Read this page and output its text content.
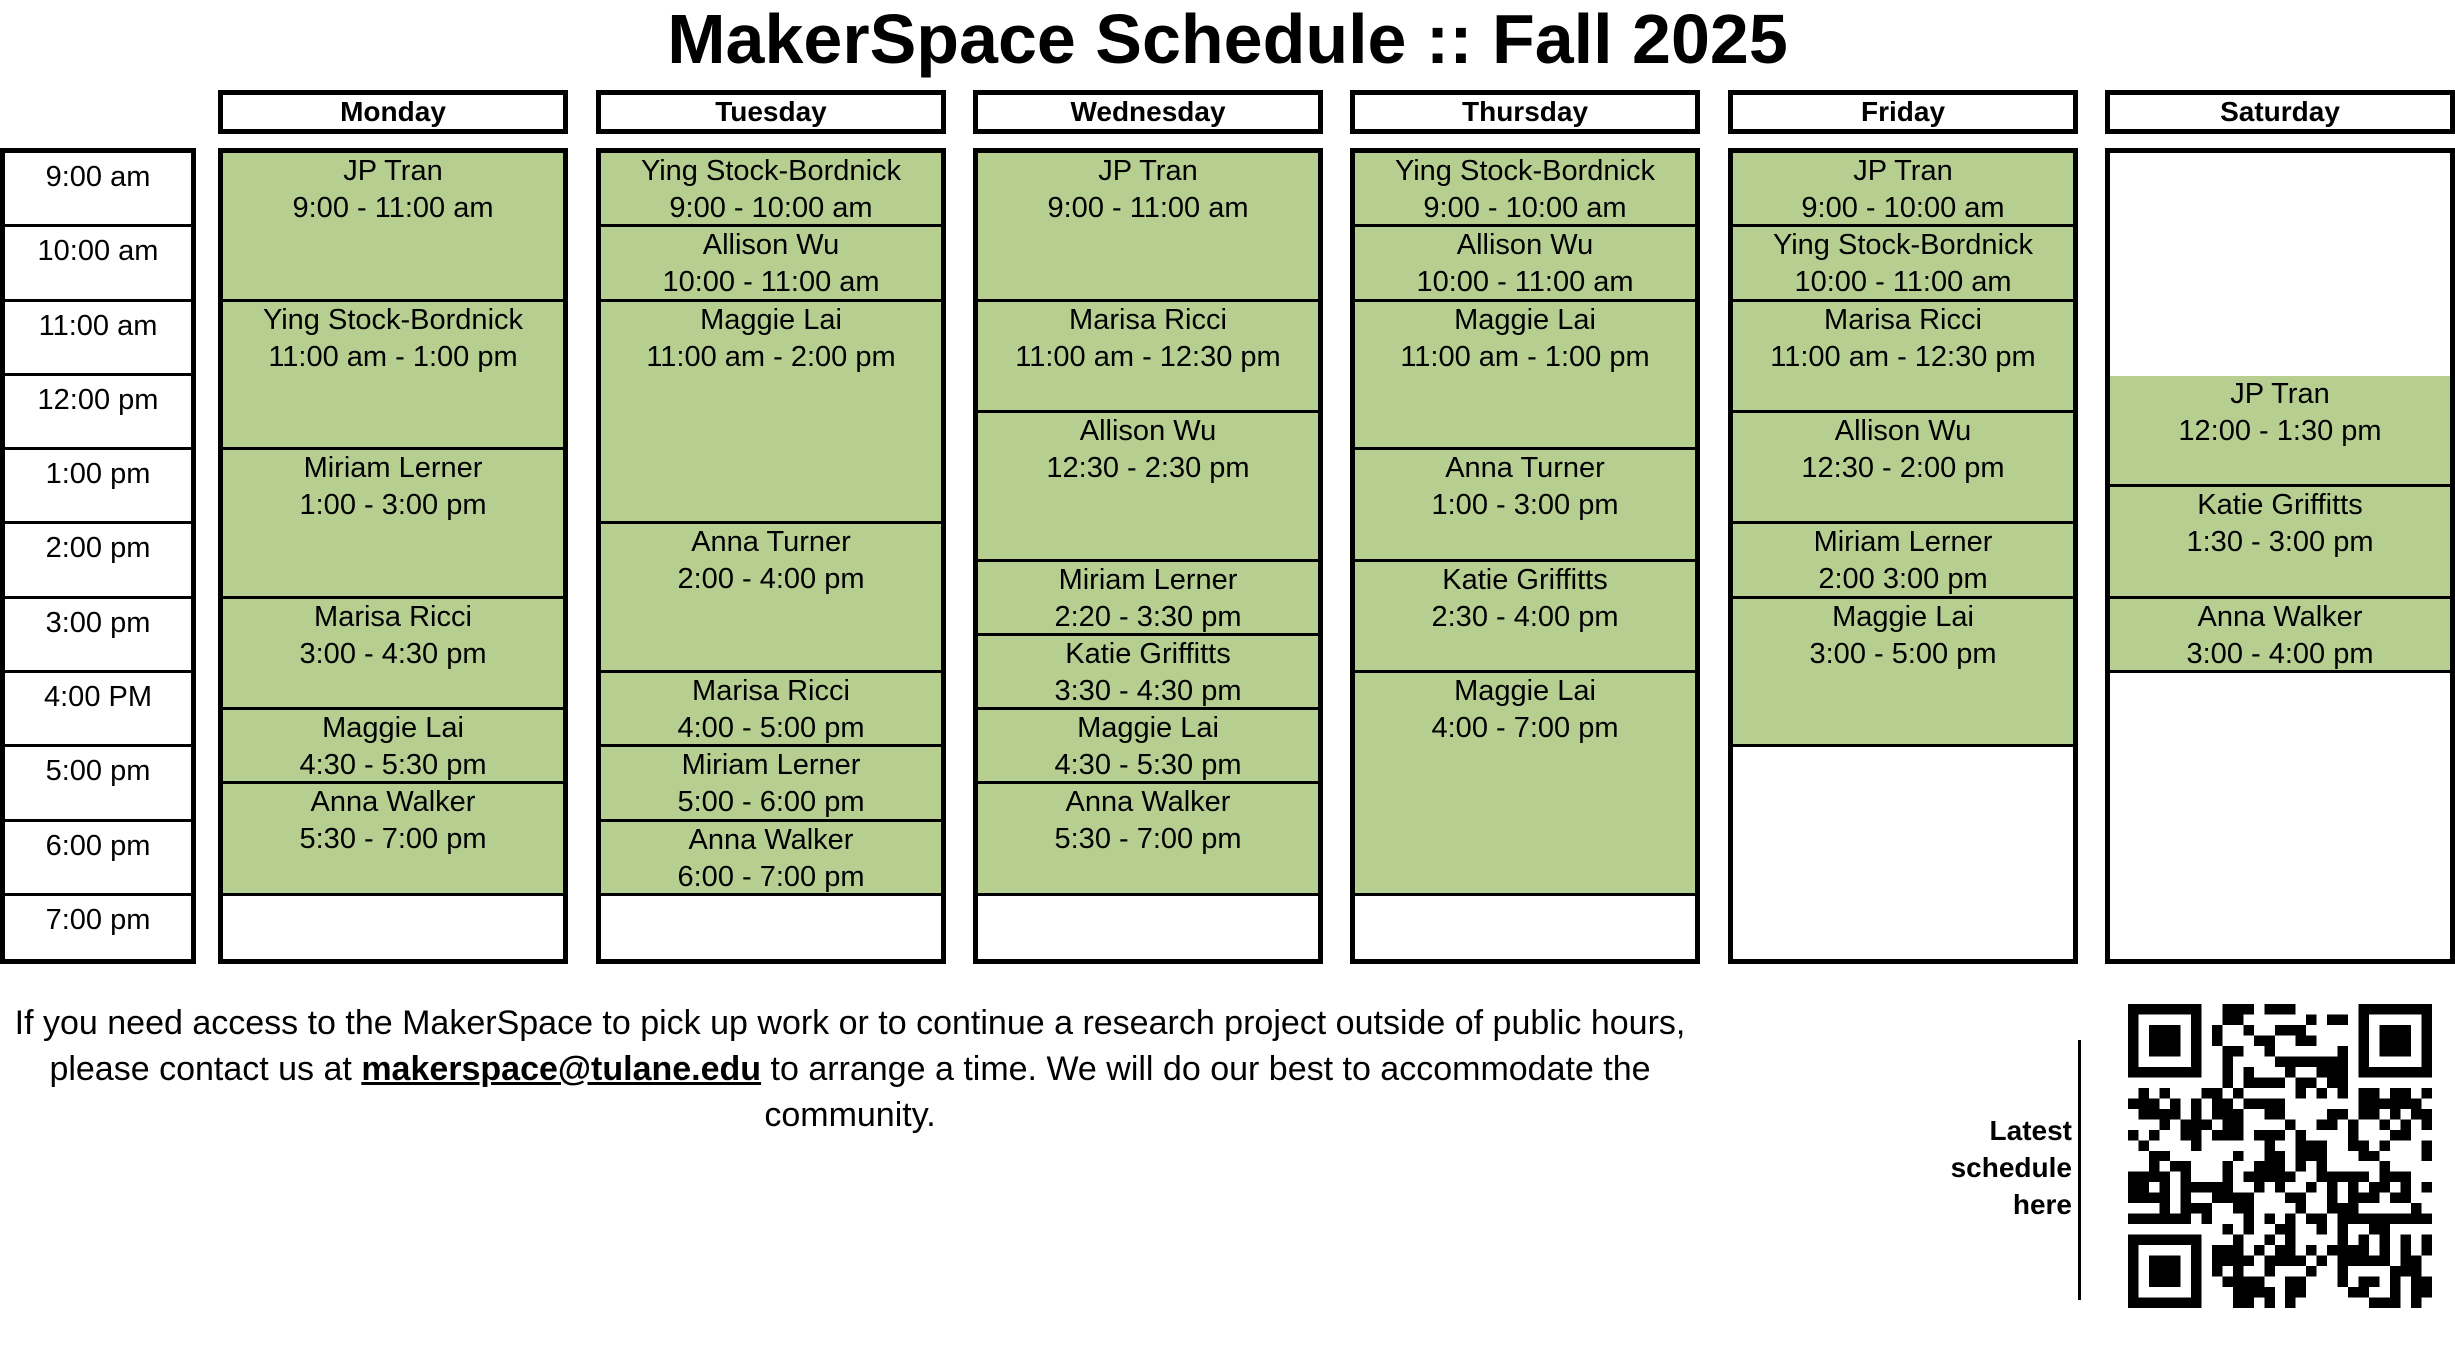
MakerSpace Schedule :: Fall 2025
9:00 am
10:00 am
11:00 am
12:00 pm
1:00 pm
2:00 pm
3:00 pm
4:00 PM
5:00 pm
6:00 pm
7:00 pm
Monday
JP Tran
9:00 - 11:00 am
Ying Stock-Bordnick
11:00 am - 1:00 pm
Miriam Lerner
1:00 - 3:00 pm
Marisa Ricci
3:00 - 4:30 pm
Maggie Lai
4:30 - 5:30 pm
Anna Walker
5:30 - 7:00 pm
Tuesday
Ying Stock-Bordnick
9:00 - 10:00 am
Allison Wu
10:00 - 11:00 am
Maggie Lai
11:00 am - 2:00 pm
Anna Turner
2:00 - 4:00 pm
Marisa Ricci
4:00 - 5:00 pm
Miriam Lerner
5:00 - 6:00 pm
Anna Walker
6:00 - 7:00 pm
Wednesday
JP Tran
9:00 - 11:00 am
Marisa Ricci
11:00 am - 12:30 pm
Allison Wu
12:30 - 2:30 pm
Miriam Lerner
2:20 - 3:30 pm
Katie Griffitts
3:30 - 4:30 pm
Maggie Lai
4:30 - 5:30 pm
Anna Walker
5:30 - 7:00 pm
Thursday
Ying Stock-Bordnick
9:00 - 10:00 am
Allison Wu
10:00 - 11:00 am
Maggie Lai
11:00 am - 1:00 pm
Anna Turner
1:00 - 3:00 pm
Katie Griffitts
2:30 - 4:00 pm
Maggie Lai
4:00 - 7:00 pm
Friday
JP Tran
9:00 - 10:00 am
Ying Stock-Bordnick
10:00 - 11:00 am
Marisa Ricci
11:00 am - 12:30 pm
Allison Wu
12:30 - 2:00 pm
Miriam Lerner
2:00 3:00 pm
Maggie Lai
3:00 - 5:00 pm
Saturday
JP Tran
12:00 - 1:30 pm
Katie Griffitts
1:30 - 3:00 pm
Anna Walker
3:00 - 4:00 pm
If you need access to the MakerSpace to pick up work or to continue a research project outside of public hours, please contact us at makerspace@tulane.edu to arrange a time. We will do our best to accommodate the community.	Latest schedule here
